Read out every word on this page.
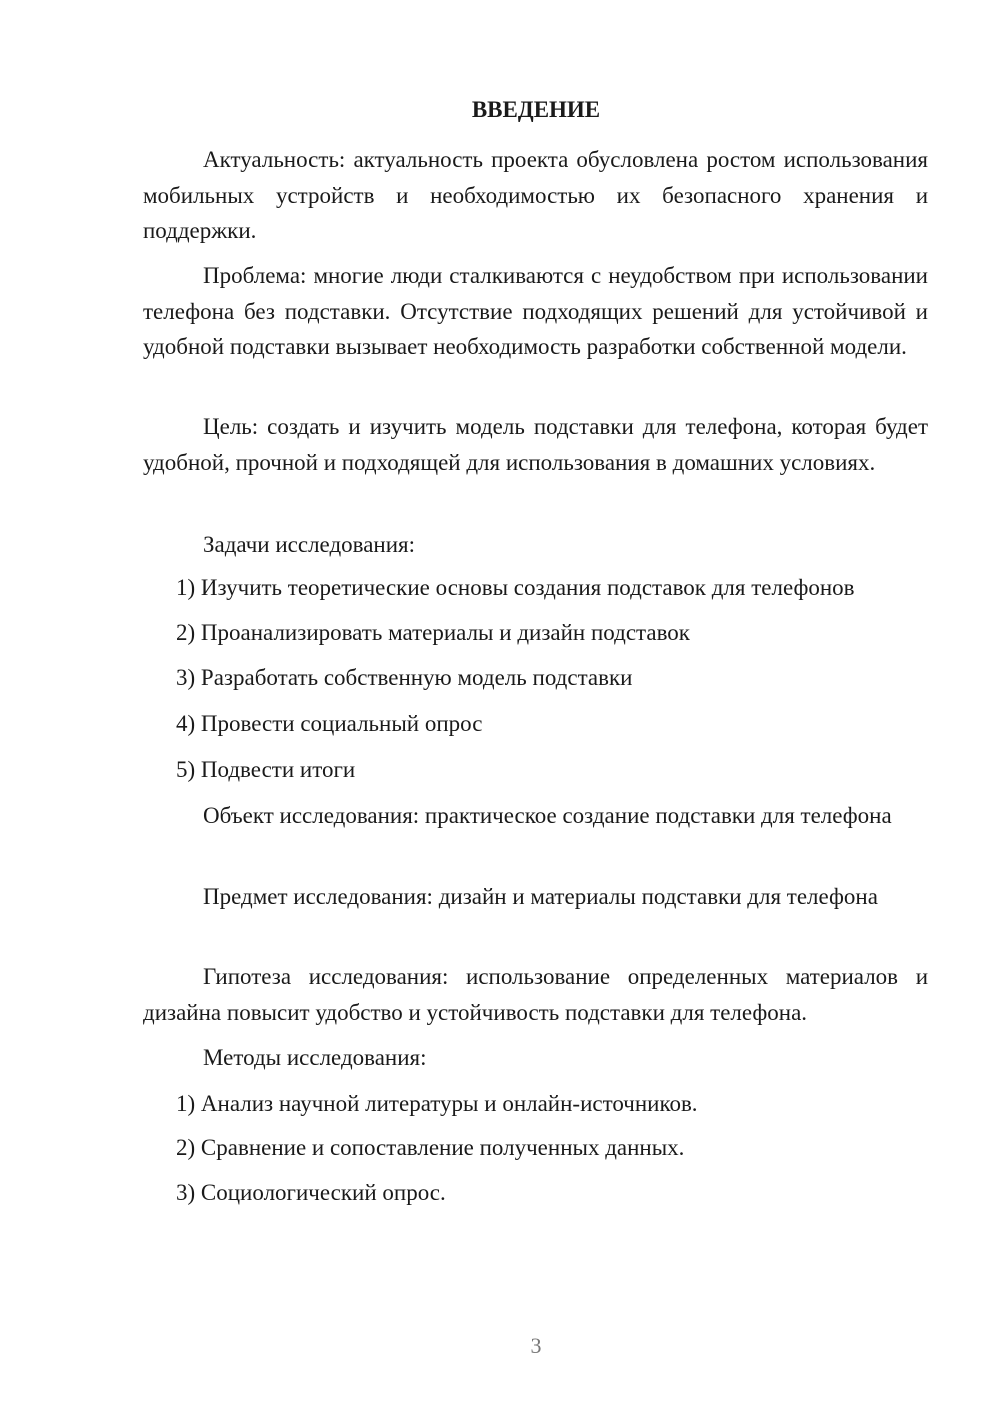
ВВЕДЕНИЕ

Актуальность: актуальность проекта обусловлена ростом использования мобильных устройств и необходимостью их безопасного хранения и поддержки.

Проблема: многие люди сталкиваются с неудобством при использовании телефона без подставки. Отсутствие подходящих решений для устойчивой и удобной подставки вызывает необходимость разработки собственной модели.

Цель: создать и изучить модель подставки для телефона, которая будет удобной, прочной и подходящей для использования в домашних условиях.

Задачи исследования:

1) Изучить теоретические основы создания подставок для телефонов
2) Проанализировать материалы и дизайн подставок
3) Разработать собственную модель подставки
4) Провести социальный опрос
5) Подвести итоги

Объект исследования: практическое создание подставки для телефона

Предмет исследования: дизайн и материалы подставки для телефона

Гипотеза исследования: использование определенных материалов и дизайна повысит удобство и устойчивость подставки для телефона.

Методы исследования:

1) Анализ научной литературы и онлайн-источников.
2) Сравнение и сопоставление полученных данных.
3) Социологический опрос.
3
